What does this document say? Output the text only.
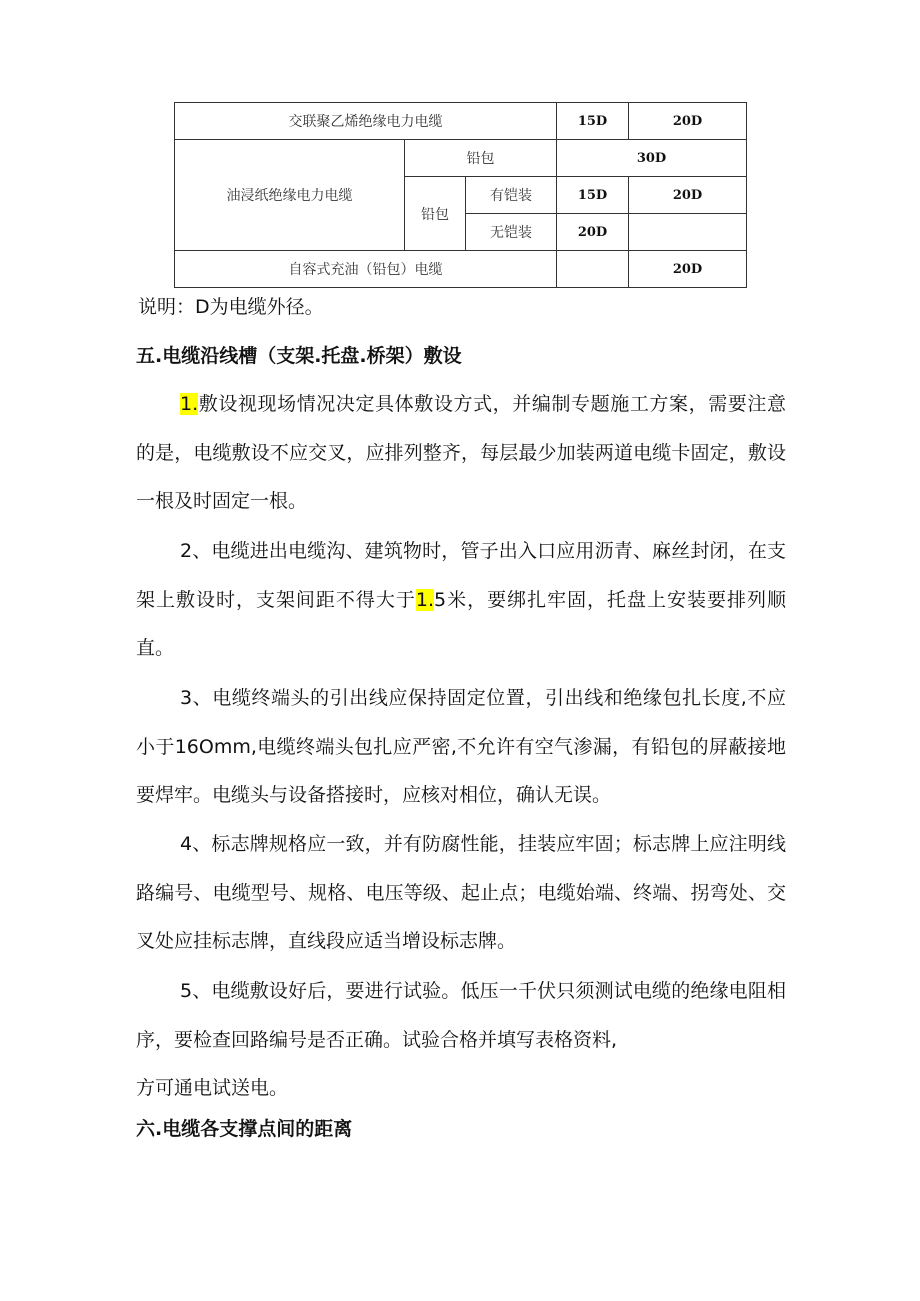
交联聚乙烯绝缘电力电缆			15D	20D
油浸纸绝缘电力电缆	铅包		30D	
	铅包	有铠装	15D	20D
		无铠装	20D	
自容式充油（铅包）电缆				20D
说明：D为电缆外径。
五.电缆沿线槽（支架.托盘.桥架）敷设
1.敷设视现场情况决定具体敷设方式，并编制专题施工方案，需要注意的是，电缆敷设不应交叉，应排列整齐，每层最少加装两道电缆卡固定，敷设一根及时固定一根。
2、电缆进出电缆沟、建筑物时，管子出入口应用沥青、麻丝封闭，在支架上敷设时，支架间距不得大于1.5米，要绑扎牢固，托盘上安装要排列顺直。
3、电缆终端头的引出线应保持固定位置，引出线和绝缘包扎长度,不应小于16Omm,电缆终端头包扎应严密,不允许有空气渗漏，有铅包的屏蔽接地要焊牢。电缆头与设备搭接时，应核对相位，确认无误。
4、标志牌规格应一致，并有防腐性能，挂装应牢固；标志牌上应注明线路编号、电缆型号、规格、电压等级、起止点；电缆始端、终端、拐弯处、交叉处应挂标志牌，直线段应适当增设标志牌。
5、电缆敷设好后，要进行试验。低压一千伏只须测试电缆的绝缘电阻相序，要检查回路编号是否正确。试验合格并填写表格资料,
方可通电试送电。
六.电缆各支撑点间的距离
